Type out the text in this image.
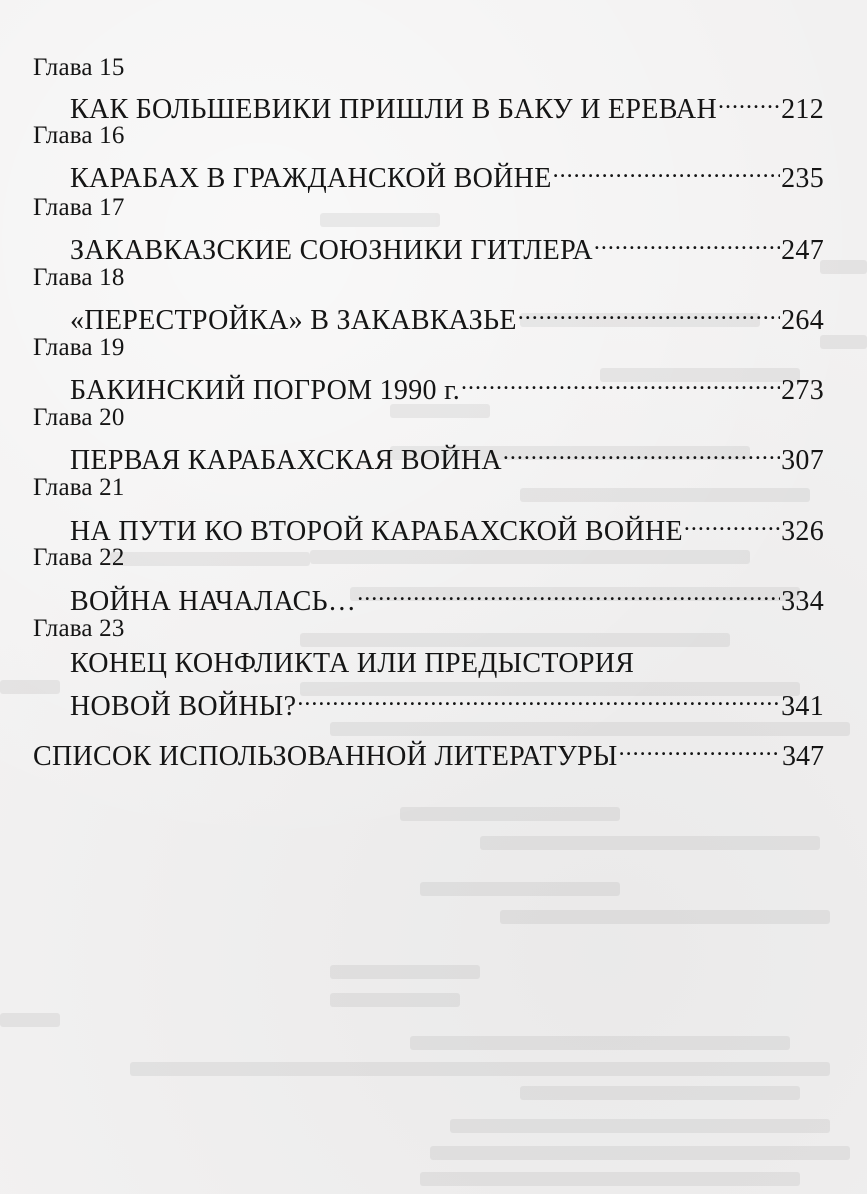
Глава 15
КАК БОЛЬШЕВИКИ ПРИШЛИ В БАКУ И ЕРЕВАН ..... 212
Глава 16
КАРАБАХ В ГРАЖДАНСКОЙ ВОЙНЕ .....	235
Глава 17
ЗАКАВКАЗСКИЕ СОЮЗНИКИ ГИТЛЕРА .....	247
Глава 18
«ПЕРЕСТРОЙКА» В ЗАКАВКАЗЬЕ .....	264
Глава 19
БАКИНСКИЙ ПОГРОМ 1990 г. .....	273
Глава 20
ПЕРВАЯ КАРАБАХСКАЯ ВОЙНА .....	307
Глава 21
НА ПУТИ КО ВТОРОЙ КАРАБАХСКОЙ ВОЙНЕ .....	326
Глава 22
ВОЙНА НАЧАЛАСЬ… .....	334
Глава 23
КОНЕЦ КОНФЛИКТА ИЛИ ПРЕДЫСТОРИЯ
НОВОЙ ВОЙНЫ? .....	341
СПИСОК ИСПОЛЬЗОВАННОЙ ЛИТЕРАТУРЫ .....	347
